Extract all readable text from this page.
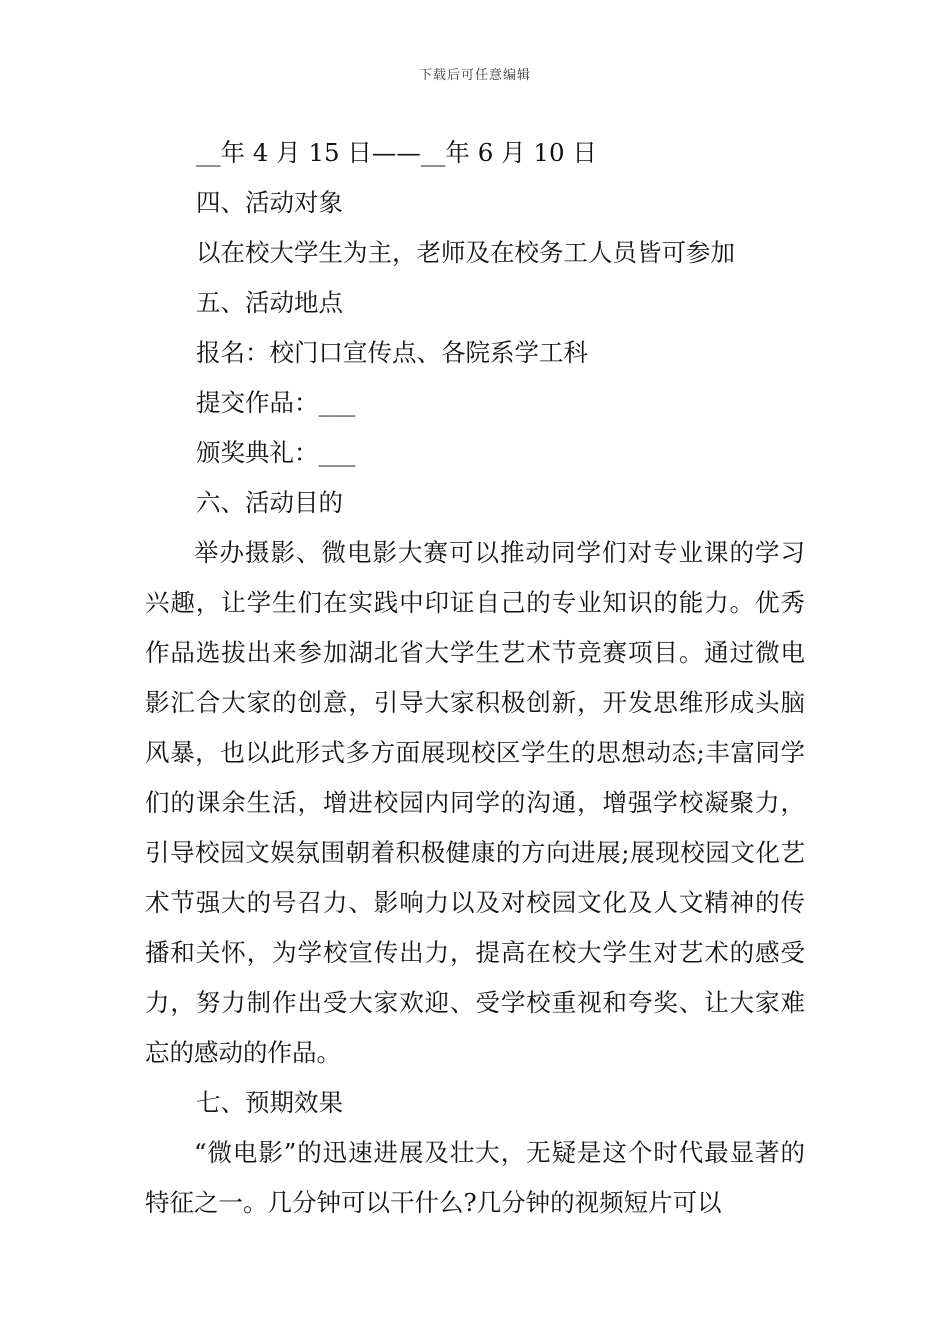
下载后可任意编辑
__年 4 月 15 日——__年 6 月 10 日
四、活动对象
以在校大学生为主，老师及在校务工人员皆可参加
五、活动地点
报名：校门口宣传点、各院系学工科
提交作品：___
颁奖典礼：___
六、活动目的
举办摄影、微电影大赛可以推动同学们对专业课的学习兴趣，让学生们在实践中印证自己的专业知识的能力。优秀作品选拔出来参加湖北省大学生艺术节竞赛项目。通过微电影汇合大家的创意，引导大家积极创新，开发思维形成头脑风暴，也以此形式多方面展现校区学生的思想动态;丰富同学们的课余生活，增进校园内同学的沟通，增强学校凝聚力，引导校园文娱氛围朝着积极健康的方向进展;展现校园文化艺术节强大的号召力、影响力以及对校园文化及人文精神的传播和关怀，为学校宣传出力，提高在校大学生对艺术的感受力，努力制作出受大家欢迎、受学校重视和夸奖、让大家难忘的感动的作品。
七、预期效果
“微电影”的迅速进展及壮大，无疑是这个时代最显著的特征之一。几分钟可以干什么?几分钟的视频短片可以
